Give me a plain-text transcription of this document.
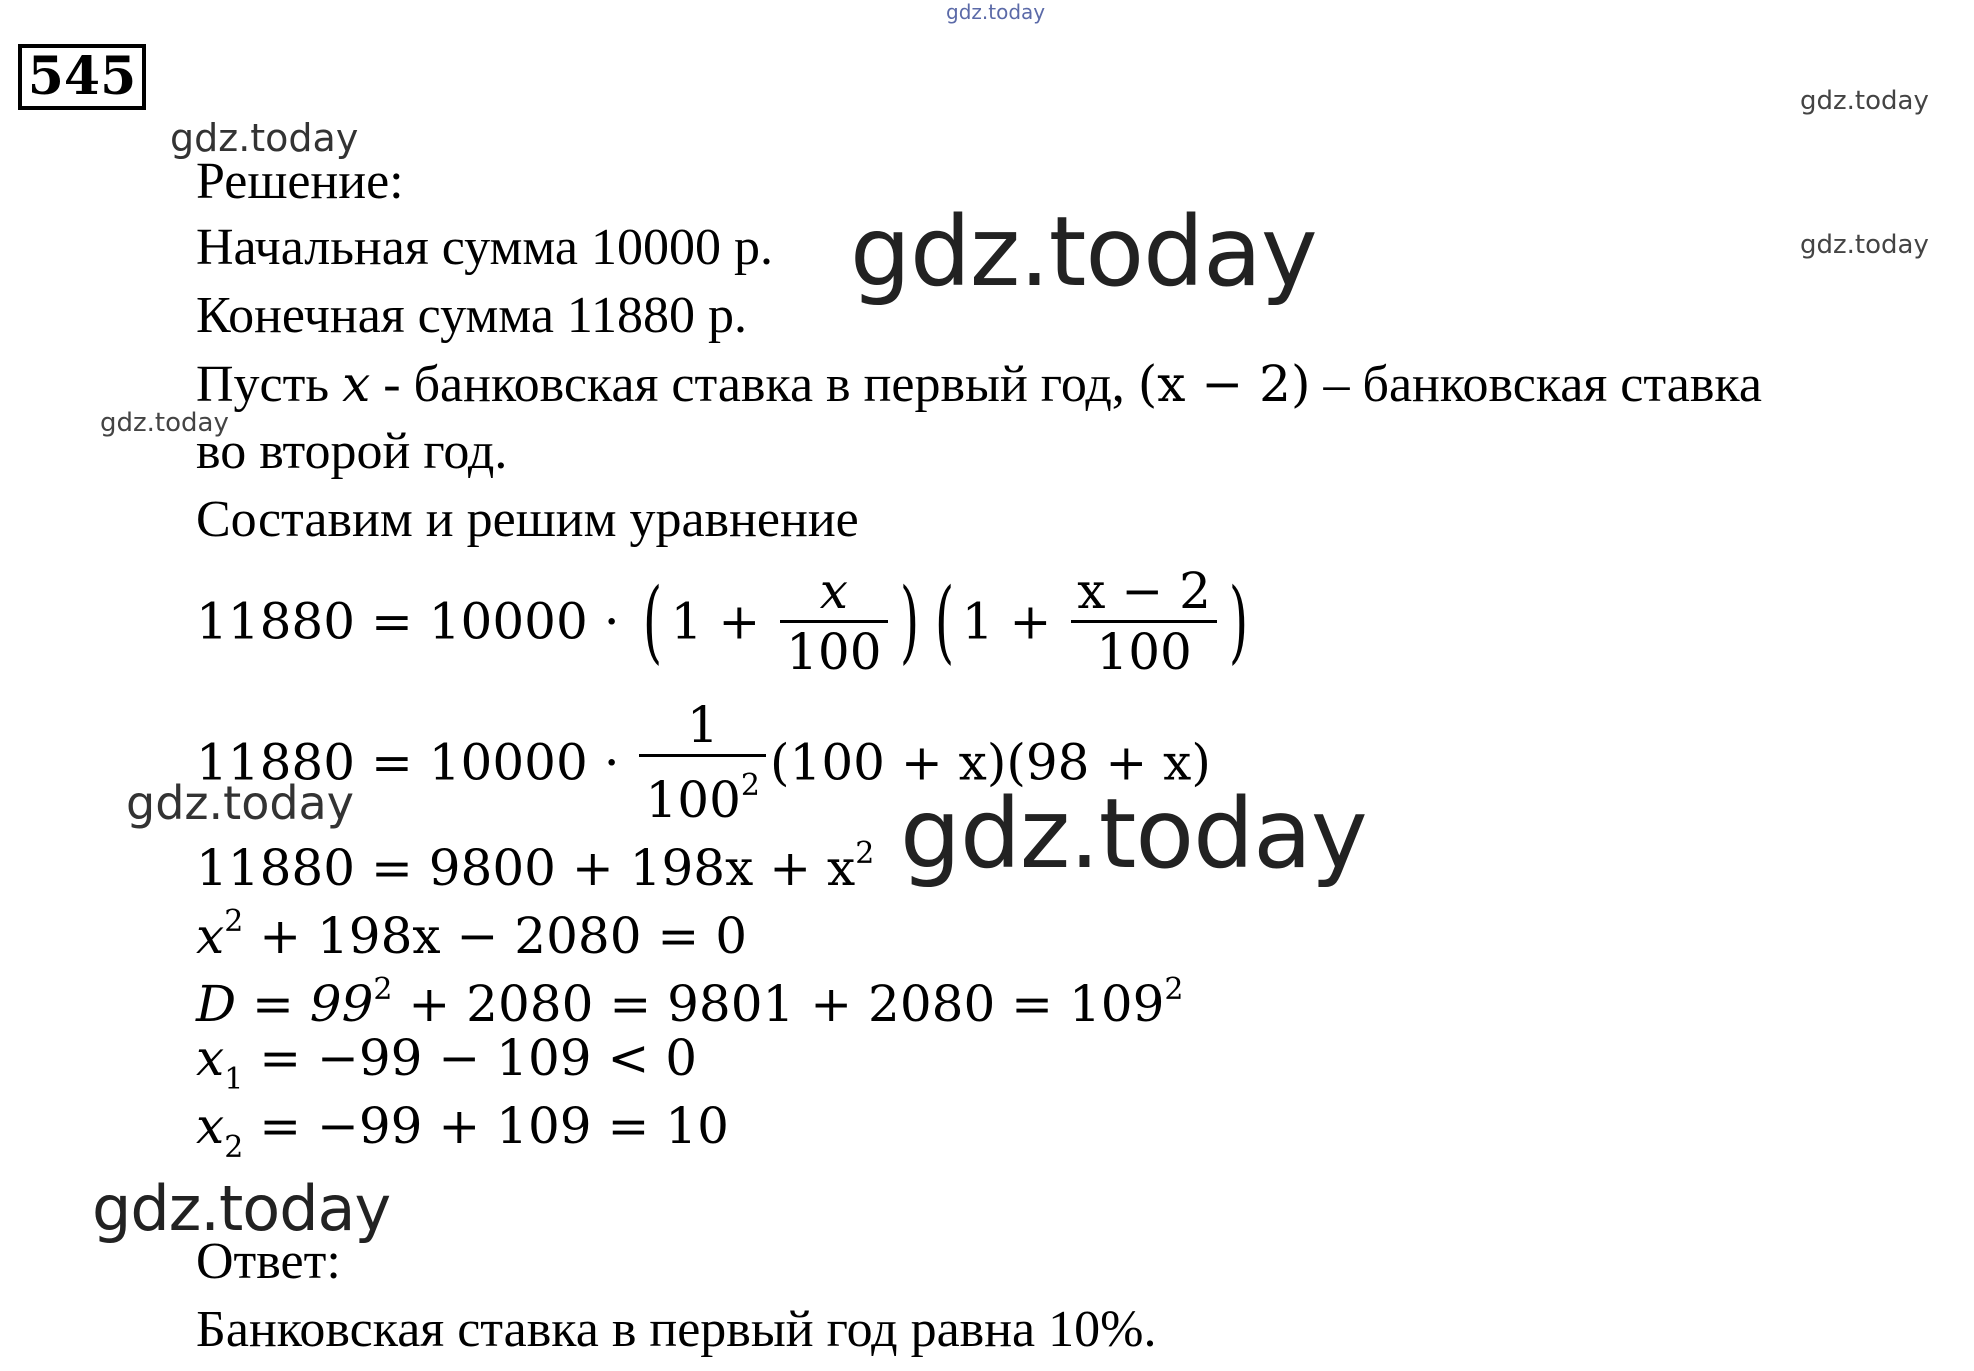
gdz.today
gdz.today
gdz.today
gdz.today
gdz.today
gdz.today
gdz.today	gdz.today
gdz.today
545
Решение:
Начальная сумма 10000 р.
Конечная сумма 11880 р.
Пусть x - банковская ставка в первый год, (x − 2) – банковская ставка
во второй год.
Составим и решим уравнение
11880 = 10000 · ( $1 + \frac{x}{100}$ ) ( $1 + \frac{x - 2}{100}$ )
$11880 = 10000 \cdot \frac{1}{100^2} (100 + x)(98 + x)$
$11880 = 9800 + 198x + x^2$
$x^2 + 198x - 2080 = 0$
$D = 99^2 + 2080 = 9801 + 2080 = 109^2$
$x_1 = -99 - 109 < 0$
$x_2 = -99 + 109 = 10$
Ответ:
Банковская ставка в первый год равна 10%.
